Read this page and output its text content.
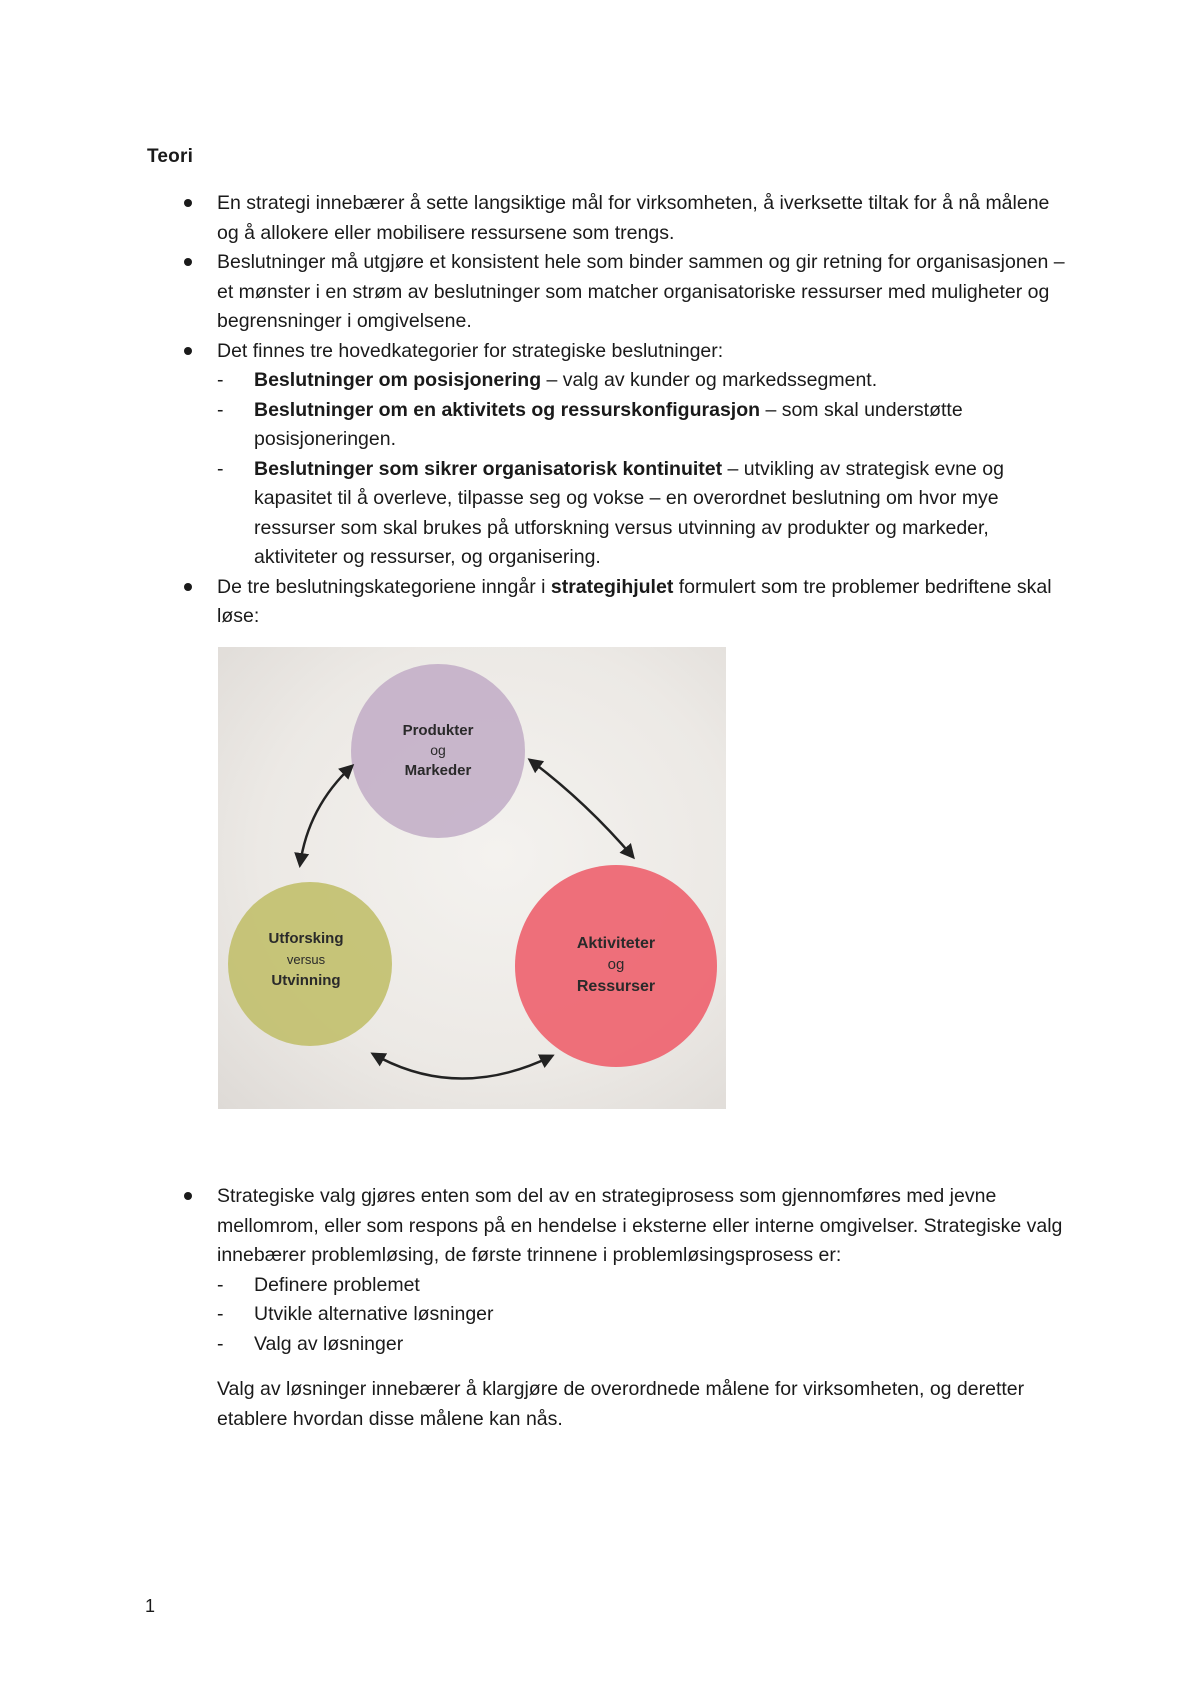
Teori
En strategi innebærer å sette langsiktige mål for virksomheten, å iverksette tiltak for å nå målene og å allokere eller mobilisere ressursene som trengs.
Beslutninger må utgjøre et konsistent hele som binder sammen og gir retning for organisasjonen – et mønster i en strøm av beslutninger som matcher organisatoriske ressurser med muligheter og begrensninger i omgivelsene.
Det finnes tre hovedkategorier for strategiske beslutninger:
- Beslutninger om posisjonering – valg av kunder og markedssegment.
- Beslutninger om en aktivitets og ressurskonfigurasjon – som skal understøtte posisjoneringen.
- Beslutninger som sikrer organisatorisk kontinuitet – utvikling av strategisk evne og kapasitet til å overleve, tilpasse seg og vokse – en overordnet beslutning om hvor mye ressurser som skal brukes på utforskning versus utvinning av produkter og markeder, aktiviteter og ressurser, og organisering.
De tre beslutningskategoriene inngår i strategihjulet formulert som tre problemer bedriftene skal løse:
Produkter
og
Markeder
Utforsking
versus
Utvinning
Aktiviteter
og
Ressurser
Strategiske valg gjøres enten som del av en strategiprosess som gjennomføres med jevne mellomrom, eller som respons på en hendelse i eksterne eller interne omgivelser. Strategiske valg innebærer problemløsing, de første trinnene i problemløsingsprosess er:
- Definere problemet
- Utvikle alternative løsninger
- Valg av løsninger
Valg av løsninger innebærer å klargjøre de overordnede målene for virksomheten, og deretter etablere hvordan disse målene kan nås.
1
